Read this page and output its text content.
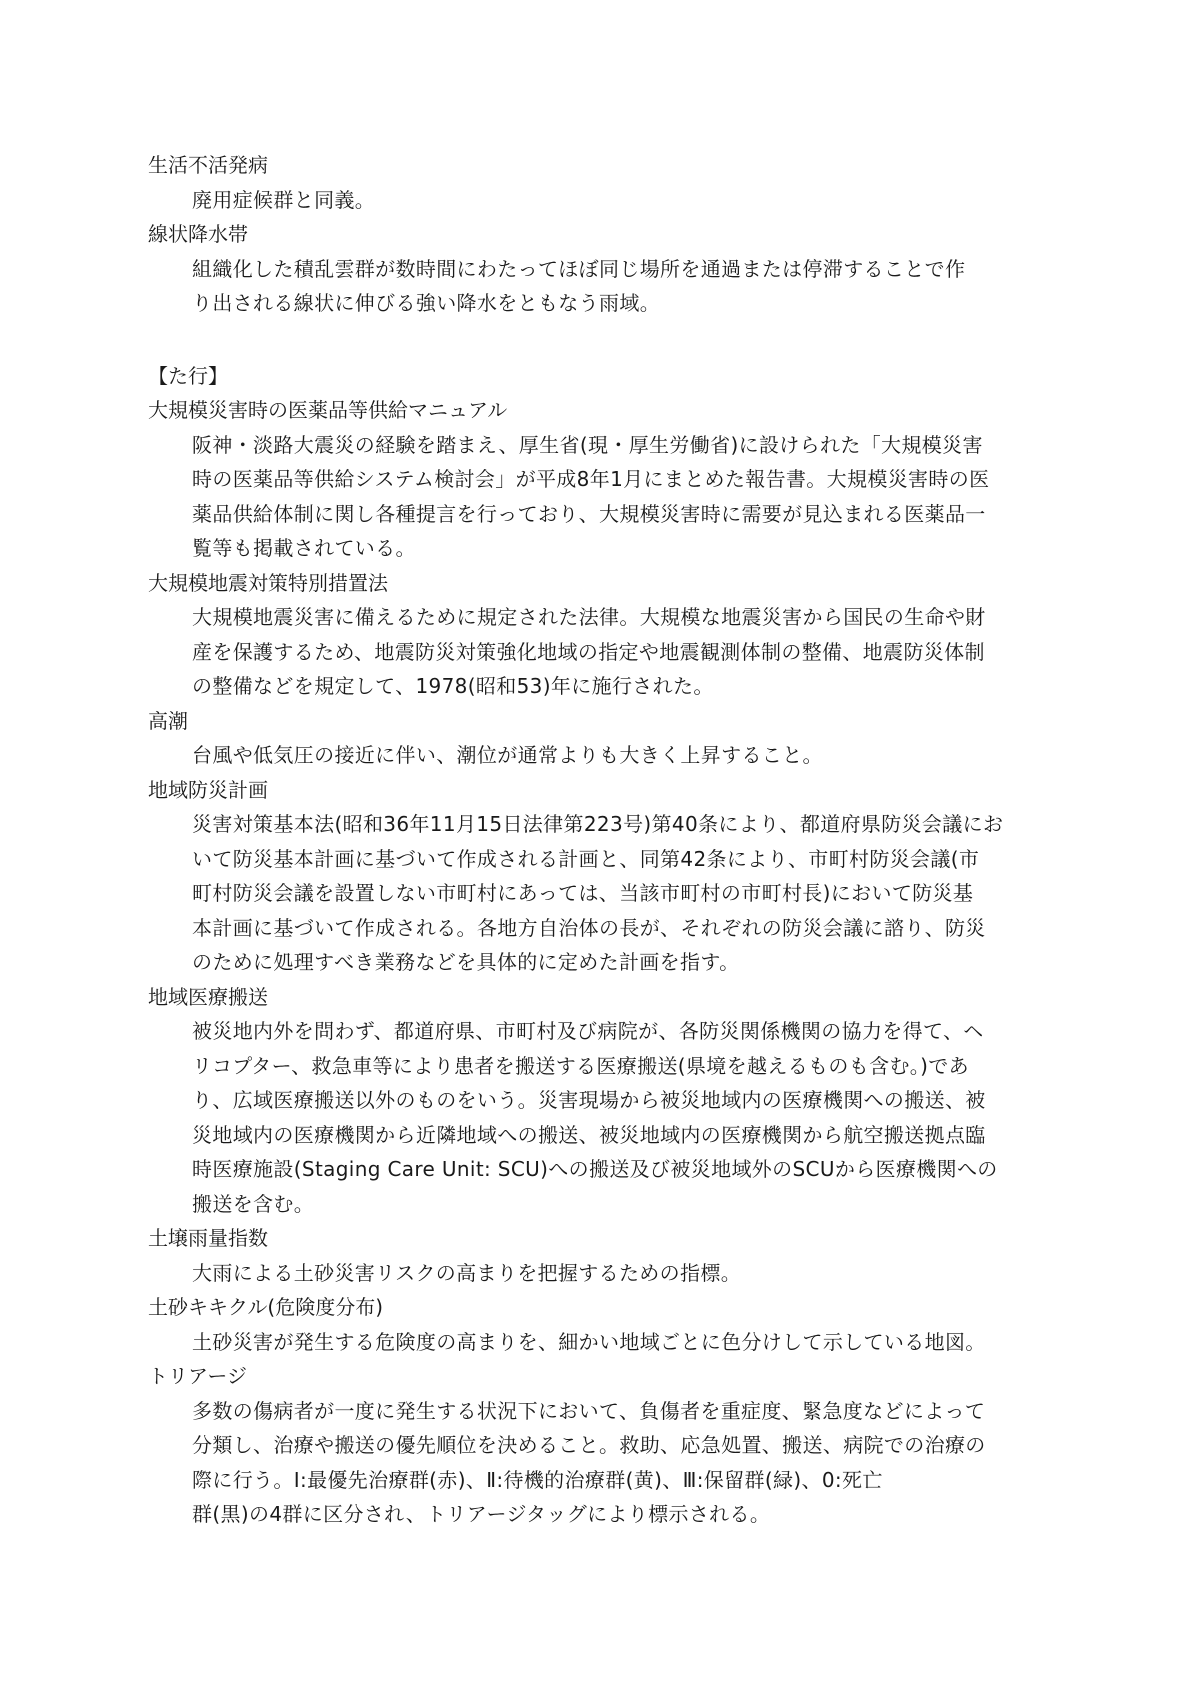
生活不活発病
廃用症候群と同義。
線状降水帯
組織化した積乱雲群が数時間にわたってほぼ同じ場所を通過または停滞することで作
り出される線状に伸びる強い降水をともなう雨域。
【た行】
大規模災害時の医薬品等供給マニュアル
阪神・淡路大震災の経験を踏まえ、厚生省(現・厚生労働省)に設けられた「大規模災害
時の医薬品等供給システム検討会」が平成8年1月にまとめた報告書。大規模災害時の医
薬品供給体制に関し各種提言を行っており、大規模災害時に需要が見込まれる医薬品一
覧等も掲載されている。
大規模地震対策特別措置法
大規模地震災害に備えるために規定された法律。大規模な地震災害から国民の生命や財
産を保護するため、地震防災対策強化地域の指定や地震観測体制の整備、地震防災体制
の整備などを規定して、1978(昭和53)年に施行された。
高潮
台風や低気圧の接近に伴い、潮位が通常よりも大きく上昇すること。
地域防災計画
災害対策基本法(昭和36年11月15日法律第223号)第40条により、都道府県防災会議にお
いて防災基本計画に基づいて作成される計画と、同第42条により、市町村防災会議(市
町村防災会議を設置しない市町村にあっては、当該市町村の市町村長)において防災基
本計画に基づいて作成される。各地方自治体の長が、それぞれの防災会議に諮り、防災
のために処理すべき業務などを具体的に定めた計画を指す。
地域医療搬送
被災地内外を問わず、都道府県、市町村及び病院が、各防災関係機関の協力を得て、ヘ
リコプター、救急車等により患者を搬送する医療搬送(県境を越えるものも含む。)であ
り、広域医療搬送以外のものをいう。災害現場から被災地域内の医療機関への搬送、被
災地域内の医療機関から近隣地域への搬送、被災地域内の医療機関から航空搬送拠点臨
時医療施設(Staging Care Unit: SCU)への搬送及び被災地域外のSCUから医療機関への
搬送を含む。
土壌雨量指数
大雨による土砂災害リスクの高まりを把握するための指標。
土砂キキクル(危険度分布)
土砂災害が発生する危険度の高まりを、細かい地域ごとに色分けして示している地図。
トリアージ
多数の傷病者が一度に発生する状況下において、負傷者を重症度、緊急度などによって
分類し、治療や搬送の優先順位を決めること。救助、応急処置、搬送、病院での治療の
際に行う。Ⅰ:最優先治療群(赤)、Ⅱ:待機的治療群(黄)、Ⅲ:保留群(緑)、0:死亡
群(黒)の4群に区分され、トリアージタッグにより標示される。
